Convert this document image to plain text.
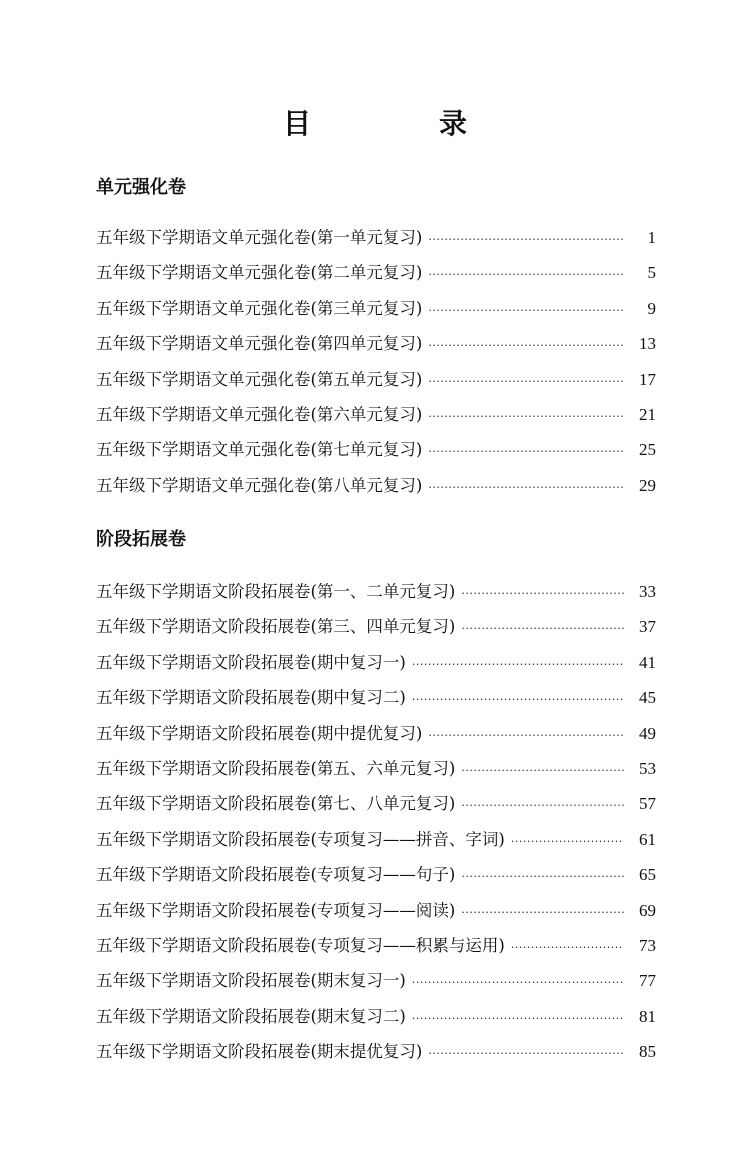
目　录
单元强化卷
五年级下学期语文单元强化卷(第一单元复习) ·····	1
五年级下学期语文单元强化卷(第二单元复习) ·····	5
五年级下学期语文单元强化卷(第三单元复习) ·····	9
五年级下学期语文单元强化卷(第四单元复习) ·····	13
五年级下学期语文单元强化卷(第五单元复习) ·····	17
五年级下学期语文单元强化卷(第六单元复习) ·····	21
五年级下学期语文单元强化卷(第七单元复习) ·····	25
五年级下学期语文单元强化卷(第八单元复习) ·····	29
阶段拓展卷
五年级下学期语文阶段拓展卷(第一、二单元复习) ·····	33
五年级下学期语文阶段拓展卷(第三、四单元复习) ·····	37
五年级下学期语文阶段拓展卷(期中复习一) ·····	41
五年级下学期语文阶段拓展卷(期中复习二) ·····	45
五年级下学期语文阶段拓展卷(期中提优复习) ·····	49
五年级下学期语文阶段拓展卷(第五、六单元复习) ·····	53
五年级下学期语文阶段拓展卷(第七、八单元复习) ·····	57
五年级下学期语文阶段拓展卷(专项复习——拼音、字词) ·····	61
五年级下学期语文阶段拓展卷(专项复习——句子) ·····	65
五年级下学期语文阶段拓展卷(专项复习——阅读) ·····	69
五年级下学期语文阶段拓展卷(专项复习——积累与运用) ·····	73
五年级下学期语文阶段拓展卷(期末复习一) ·····	77
五年级下学期语文阶段拓展卷(期末复习二) ·····	81
五年级下学期语文阶段拓展卷(期末提优复习) ·····	85
